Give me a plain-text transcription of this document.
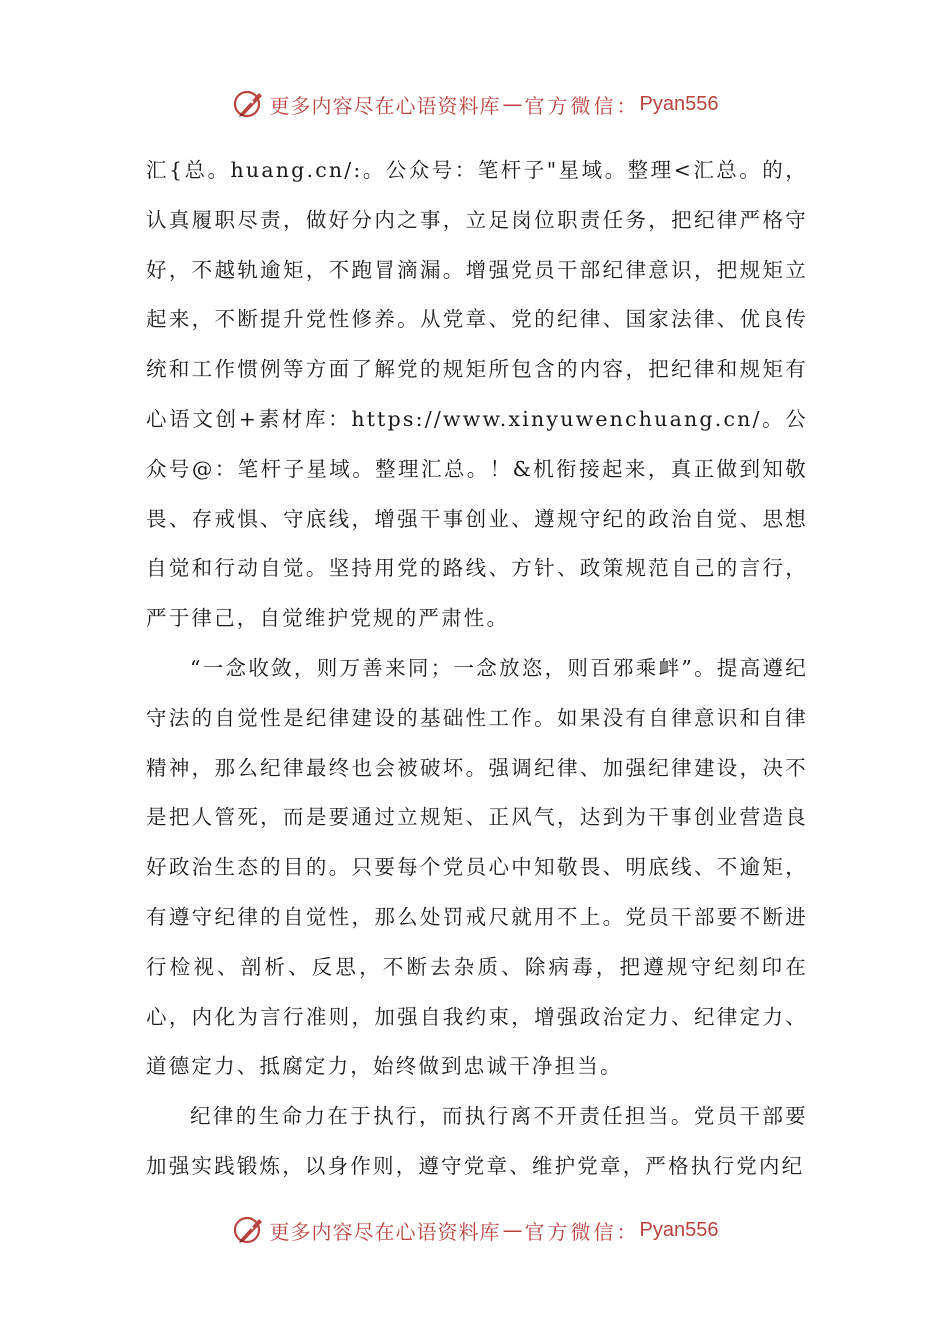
更多内容尽在心语资料库 — 官方微信： Pyan556

汇{总。huang.cn/:。公众号：笔杆子"星域。整理<汇总。的，认真履职尽责，做好分内之事，立足岗位职责任务，把纪律严格守好，不越轨逾矩，不跑冒滴漏。增强党员干部纪律意识，把规矩立起来，不断提升党性修养。从党章、党的纪律、国家法律、优良传统和工作惯例等方面了解党的规矩所包含的内容，把纪律和规矩有心语文创+素材库：https://www.xinyuwenchuang.cn/。公众号@：笔杆子星域。整理汇总。！&机衔接起来，真正做到知敬畏、存戒惧、守底线，增强干事创业、遵规守纪的政治自觉、思想自觉和行动自觉。坚持用党的路线、方针、政策规范自己的言行，严于律己，自觉维护党规的严肃性。

“一念收敛，则万善来同；一念放恣，则百邪乘衅”。提高遵纪守法的自觉性是纪律建设的基础性工作。如果没有自律意识和自律精神，那么纪律最终也会被破坏。强调纪律、加强纪律建设，决不是把人管死，而是要通过立规矩、正风气，达到为干事创业营造良好政治生态的目的。只要每个党员心中知敬畏、明底线、不逾矩，有遵守纪律的自觉性，那么处罚戒尺就用不上。党员干部要不断进行检视、剖析、反思，不断去杂质、除病毒，把遵规守纪刻印在心，内化为言行准则，加强自我约束，增强政治定力、纪律定力、道德定力、抵腐定力，始终做到忠诚干净担当。

纪律的生命力在于执行，而执行离不开责任担当。党员干部要加强实践锻炼，以身作则，遵守党章、维护党章，严格执行党内纪

更多内容尽在心语资料库 — 官方微信： Pyan556
